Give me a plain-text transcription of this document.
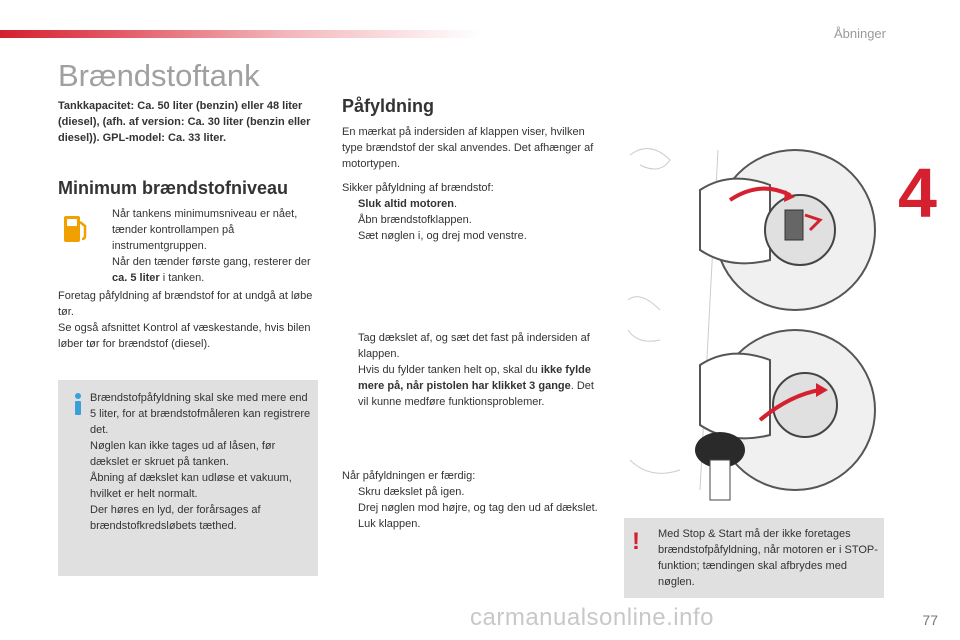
Åbninger
4
Brændstoftank
Tankkapacitet: Ca. 50 liter (benzin) eller 48 liter (diesel), (afh. af version: Ca. 30 liter (benzin eller diesel)). GPL-model: Ca. 33 liter.
Minimum brændstofniveau
Når tankens minimumsniveau er nået, tænder kontrollampen på instrumentgruppen.
Når den tænder første gang, resterer der ca. 5 liter i tanken.
Foretag påfyldning af brændstof for at undgå at løbe tør.
Se også afsnittet Kontrol af væskestande, hvis bilen løber tør for brændstof (diesel).
Brændstofpåfyldning skal ske med mere end 5 liter, for at brændstofmåleren kan registrere det.
Nøglen kan ikke tages ud af låsen, før dækslet er skruet på tanken.
Åbning af dækslet kan udløse et vakuum, hvilket er helt normalt.
Der høres en lyd, der forårsages af brændstofkredsløbets tæthed.
Påfyldning
En mærkat på indersiden af klappen viser, hvilken type brændstof der skal anvendes. Det afhænger af motortypen.
Sikker påfyldning af brændstof:
Sluk altid motoren.
Åbn brændstofklappen.
Sæt nøglen i, og drej mod venstre.
Tag dækslet af, og sæt det fast på indersiden af klappen.
Hvis du fylder tanken helt op, skal du ikke fylde mere på, når pistolen har klikket 3 gange. Det vil kunne medføre funktionsproblemer.
Når påfyldningen er færdig:
Skru dækslet på igen.
Drej nøglen mod højre, og tag den ud af dækslet.
Luk klappen.
! Med Stop & Start må der ikke foretages brændstofpåfyldning, når motoren er i STOP-funktion; tændingen skal afbrydes med nøglen.
carmanualsonline.info	77
